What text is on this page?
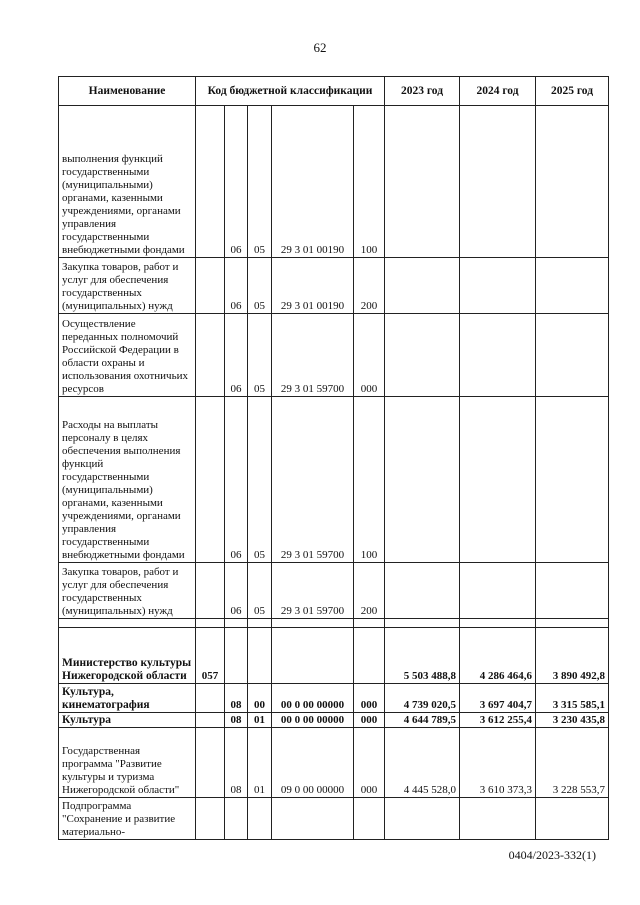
62
Наименование	Код бюджетной классификации					2023 год	2024 год	2025 год
выполнения функций государственными (муниципальными) органами, казенными учреждениями, органами управления государственными внебюджетными фондами		06	05	29 3 01 00190	100			
Закупка товаров, работ и услуг для обеспечения государственных (муниципальных) нужд		06	05	29 3 01 00190	200			
Осуществление переданных полномочий Российской Федерации в области охраны и использования охотничьих ресурсов		06	05	29 3 01 59700	000			
Расходы на выплаты персоналу в целях обеспечения выполнения функций государственными (муниципальными) органами, казенными учреждениями, органами управления государственными внебюджетными фондами		06	05	29 3 01 59700	100			
Закупка товаров, работ и услуг для обеспечения государственных (муниципальных) нужд		06	05	29 3 01 59700	200			

Министерство культуры Нижегородской области	057					5 503 488,8	4 286 464,6	3 890 492,8
Культура, кинематография		08	00	00 0 00 00000	000	4 739 020,5	3 697 404,7	3 315 585,1
Культура		08	01	00 0 00 00000	000	4 644 789,5	3 612 255,4	3 230 435,8
Государственная программа "Развитие культуры и туризма Нижегородской области"		08	01	09 0 00 00000	000	4 445 528,0	3 610 373,3	3 228 553,7
Подпрограмма "Сохранение и развитие материально-								
0404/2023-332(1)
